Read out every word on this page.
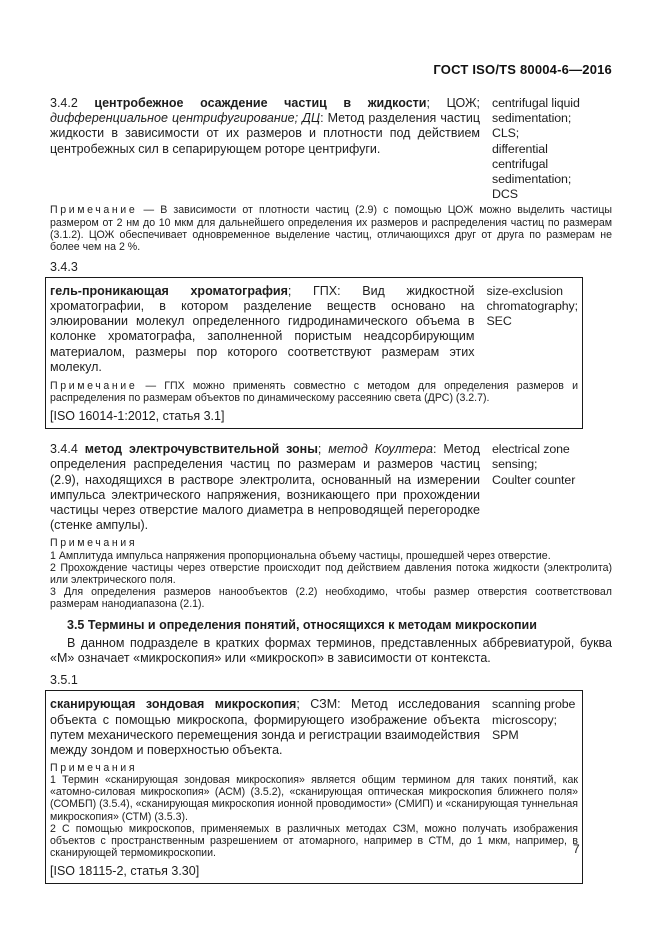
ГОСТ ISO/TS 80004-6—2016
3.4.2 центробежное осаждение частиц в жидкости; ЦОЖ; дифференциальное центрифугирование; ДЦ: Метод разделения частиц жидкости в зависимости от их размеров и плотности под действием центробежных сил в сепарирующем роторе центрифуги.
centrifugal liquid
sedimentation;
CLS;
differential
centrifugal
sedimentation;
DCS
Примечание — В зависимости от плотности частиц (2.9) с помощью ЦОЖ можно выделить частицы размером от 2 нм до 10 мкм для дальнейшего определения их размеров и распределения частиц по размерам (3.1.2). ЦОЖ обеспечивает одновременное выделение частиц, отличающихся друг от друга по размерам не более чем на 2 %.
3.4.3
гель-проникающая хроматография; ГПХ: Вид жидкостной хроматографии, в котором разделение веществ основано на элюировании молекул определенного гидродинамического объема в колонке хроматографа, заполненной пористым неадсорбирующим материалом, размеры пор которого соответствуют размерам этих молекул.
size-exclusion
chromatography;
SEC
Примечание — ГПХ можно применять совместно с методом для определения размеров и распределения по размерам объектов по динамическому рассеянию света (ДРС) (3.2.7).
[ISO 16014-1:2012, статья 3.1]
3.4.4 метод электрочувствительной зоны; метод Коултера: Метод определения распределения частиц по размерам и размеров частиц (2.9), находящихся в растворе электролита, основанный на измерении импульса электрического напряжения, возникающего при прохождении частицы через отверстие малого диаметра в непроводящей перегородке (стенке ампулы).
electrical zone
sensing;
Coulter counter
Примечания
1 Амплитуда импульса напряжения пропорциональна объему частицы, прошедшей через отверстие.
2 Прохождение частицы через отверстие происходит под действием давления потока жидкости (электролита) или электрического поля.
3 Для определения размеров нанообъектов (2.2) необходимо, чтобы размер отверстия соответствовал размерам нанодиапазона (2.1).
3.5 Термины и определения понятий, относящихся к методам микроскопии
В данном подразделе в кратких формах терминов, представленных аббревиатурой, буква «М» означает «микроскопия» или «микроскоп» в зависимости от контекста.
3.5.1
сканирующая зондовая микроскопия; СЗМ: Метод исследования объекта с помощью микроскопа, формирующего изображение объекта путем механического перемещения зонда и регистрации взаимодействия между зондом и поверхностью объекта.
scanning probe
microscopy;
SPM
Примечания
1 Термин «сканирующая зондовая микроскопия» является общим термином для таких понятий, как «атомно-силовая микроскопия» (АСМ) (3.5.2), «сканирующая оптическая микроскопия ближнего поля» (СОМБП) (3.5.4), «сканирующая микроскопия ионной проводимости» (СМИП) и «сканирующая туннельная микроскопия» (СТМ) (3.5.3).
2 С помощью микроскопов, применяемых в различных методах СЗМ, можно получать изображения объектов с пространственным разрешением от атомарного, например в СТМ, до 1 мкм, например, в сканирующей термомикроскопии.
[ISO 18115-2, статья 3.30]
7
